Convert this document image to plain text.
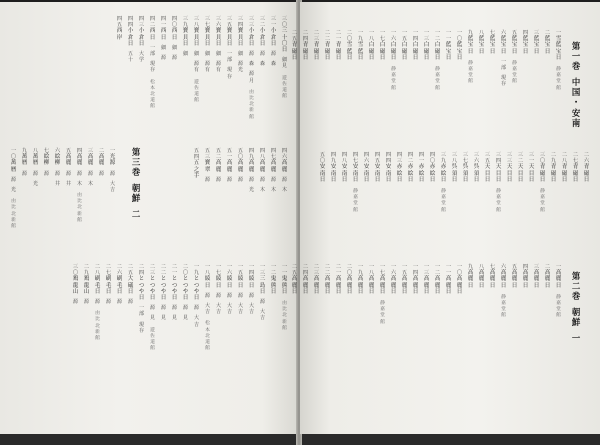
三
〇
三
十
〇
日
細
見
遊
佐
道
館
三
一
小
倉
日
源
森
三
二
小
倉
日
源
森
三
三
小
倉
日
源
森
源
月
由
比
北
新
館
三
四
寶
貝
日
細
源
光
三
五
寶
貝
日
一
部
現
存
三
六
寶
貝
日
細
源
有
三
七
寶
貝
日
細
源
有
三
八
寶
貝
日
細
源
有
遊
佐
道
館
三
九
寶
貝
日
細
四
〇
西
日
細
源
四
一
西
日
細
源
四
二
西
日
一
部
現
存
松
本
北
道
館
四
三
小
倉
日
大
学
四
四
小
倉
日
五
十
四
五
西
岸
四
六
高
麗
源
木
四
七
高
麗
源
木
四
八
高
麗
源
木
四
九
高
麗
源
光
五
〇
高
麗
源
五
一
高
麗
源
五
二
高
麗
源
五
三
寶
翠
源
五
四
五
之
手
第
三
巻
朝
鮮
二
一
光
源
源
大
吉
二
高
麗
源
三
高
麗
源
木
四
高
麗
源
木
由
比
北
新
館
五
高
麗
源
井
六
絵
柳
源
井
七
絵
柳
源
八
萬
暦
源
光
九
萬
暦
源
一
〇
萬
暦
源
光
由
比
北
新
館
一
一
鬼
熊
日
由
比
北
新
館
一
二
鬼
熊
日
一
三
三
島
日
源
大
吉
一
四
綾
日
源
大
吉
一
五
綾
日
源
大
吉
一
六
綾
日
源
大
吉
一
七
綾
日
源
大
吉
一
八
綾
日
源
大
吉
松
本
北
道
館
一
九
と
つ
や
日
源
大
吉
二
〇
と
つ
や
日
源
見
二
一
と
つ
や
日
源
見
二
二
と
つ
や
日
源
見
二
三
と
つ
や
日
源
見
遊
佐
道
館
二
四
と
つ
や
日
一
部
現
存
二
五
大
礒
日
源
二
六
刷
毛
日
源
二
七
刷
毛
日
源
二
八
刷
毛
日
源
由
比
北
新
館
二
九
鶏
龍
山
源
三
〇
鶏
龍
山
源
第
一
巻
中
国
・
安
南
一
雪
藍
宝
日
静
嘉
堂
館
二
藍
宝
日
三
藍
宝
日
四
藍
宝
日
五
藍
宝
日
静
嘉
堂
館
六
藍
宝
日
一
部
現
存
七
藍
宝
日
八
藍
宝
日
九
藍
宝
日
静
嘉
堂
館
一
〇
藍
宝
日
一
一
藍
宝
日
一
二
白
磁
日
静
嘉
堂
館
一
三
白
磁
日
一
四
白
磁
日
一
五
白
磁
日
一
六
白
磁
日
静
嘉
堂
館
一
七
白
磁
日
一
八
白
磁
日
一
九
雪
藍
日
二
〇
雪
藍
日
二
一
青
磁
日
二
二
青
磁
日
二
三
青
磁
日
二
四
青
磁
日
二
五
青
磁
日
二
六
青
磁
日
二
七
青
磁
日
二
八
青
磁
日
二
九
青
磁
日
三
〇
青
磁
日
静
嘉
堂
館
三
一
天
目
日
三
二
天
目
日
三
三
天
目
日
三
四
天
目
日
静
嘉
堂
館
三
五
天
目
日
三
六
呉
須
日
三
七
呉
須
日
三
八
呉
須
日
三
九
赤
絵
日
静
嘉
堂
館
四
〇
赤
絵
日
四
一
赤
絵
日
四
二
赤
絵
日
四
三
赤
絵
日
四
四
安
南
日
四
五
安
南
日
四
六
安
南
日
四
七
安
南
日
静
嘉
堂
館
四
八
安
南
日
四
九
安
南
日
五
〇
安
南
日
第
二
巻
朝
鮮
一
一
高
麗
日
静
嘉
堂
館
二
高
麗
日
三
高
麗
日
四
高
麗
日
五
高
麗
日
六
高
麗
日
静
嘉
堂
館
七
高
麗
日
八
高
麗
日
九
高
麗
日
一
〇
高
麗
日
一
一
高
麗
日
一
二
高
麗
日
一
三
高
麗
日
一
四
高
麗
日
一
五
高
麗
日
一
六
高
麗
日
一
七
高
麗
日
静
嘉
堂
館
一
八
高
麗
日
一
九
高
麗
日
二
〇
高
麗
日
二
一
高
麗
日
二
二
高
麗
日
二
三
高
麗
日
二
四
高
麗
日
二
五
高
麗
日
